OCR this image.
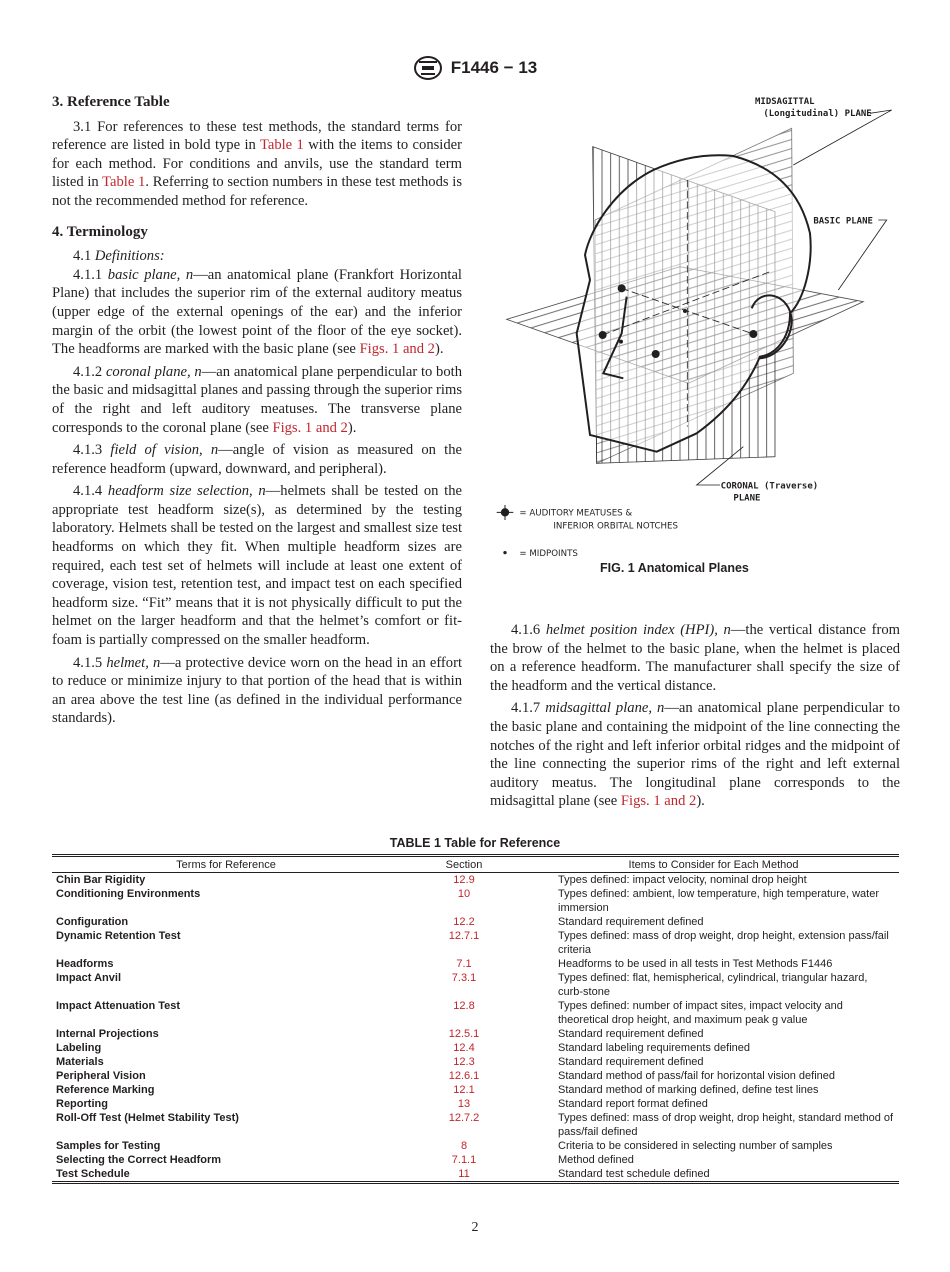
F1446 − 13
3. Reference Table

3.1 For references to these test methods, the standard terms for reference are listed in bold type in Table 1 with the items to consider for each method. For conditions and anvils, use the standard term listed in Table 1. Referring to section numbers in these test methods is not the recommended method for reference.

4. Terminology

4.1 Definitions:

4.1.1 basic plane, n—an anatomical plane (Frankfort Horizontal Plane) that includes the superior rim of the external auditory meatus (upper edge of the external openings of the ear) and the inferior margin of the orbit (the lowest point of the floor of the eye socket). The headforms are marked with the basic plane (see Figs. 1 and 2).

4.1.2 coronal plane, n—an anatomical plane perpendicular to both the basic and midsagittal planes and passing through the superior rims of the right and left auditory meatuses. The transverse plane corresponds to the coronal plane (see Figs. 1 and 2).

4.1.3 field of vision, n—angle of vision as measured on the reference headform (upward, downward, and peripheral).

4.1.4 headform size selection, n—helmets shall be tested on the appropriate test headform size(s), as determined by the testing laboratory. Helmets shall be tested on the largest and smallest size test headforms on which they fit. When multiple headform sizes are required, each test set of helmets will include at least one extent of coverage, vision test, retention test, and impact test on each specified headform size. “Fit” means that it is not physically difficult to put the helmet on the larger headform and that the helmet’s comfort or fit-foam is partially compressed on the smaller headform.

4.1.5 helmet, n—a protective device worn on the head in an effort to reduce or minimize injury to that portion of the head that is within an area above the test line (as defined in the individual performance standards).

MIDSAGITTAL
(Longitudinal) PLANE
BASIC PLANE
CORONAL (Traverse)
PLANE
= AUDITORY MEATUSES &
INFERIOR ORBITAL NOTCHES
= MIDPOINTS
FIG. 1 Anatomical Planes

4.1.6 helmet position index (HPI), n—the vertical distance from the brow of the helmet to the basic plane, when the helmet is placed on a reference headform. The manufacturer shall specify the size of the headform and the vertical distance.

4.1.7 midsagittal plane, n—an anatomical plane perpendicular to the basic plane and containing the midpoint of the line connecting the notches of the right and left inferior orbital ridges and the midpoint of the line connecting the superior rims of the right and left external auditory meatus. The longitudinal plane corresponds to the midsagittal plane (see Figs. 1 and 2).

TABLE 1 Table for Reference
Terms for Reference	Section	Items to Consider for Each Method
Chin Bar Rigidity	12.9	Types defined: impact velocity, nominal drop height
Conditioning Environments	10	Types defined: ambient, low temperature, high temperature, water immersion
Configuration	12.2	Standard requirement defined
Dynamic Retention Test	12.7.1	Types defined: mass of drop weight, drop height, extension pass/fail criteria
Headforms	7.1	Headforms to be used in all tests in Test Methods F1446
Impact Anvil	7.3.1	Types defined: flat, hemispherical, cylindrical, triangular hazard, curb-stone
Impact Attenuation Test	12.8	Types defined: number of impact sites, impact velocity and theoretical drop height, and maximum peak g value
Internal Projections	12.5.1	Standard requirement defined
Labeling	12.4	Standard labeling requirements defined
Materials	12.3	Standard requirement defined
Peripheral Vision	12.6.1	Standard method of pass/fail for horizontal vision defined
Reference Marking	12.1	Standard method of marking defined, define test lines
Reporting	13	Standard report format defined
Roll-Off Test (Helmet Stability Test)	12.7.2	Types defined: mass of drop weight, drop height, standard method of pass/fail defined
Samples for Testing	8	Criteria to be considered in selecting number of samples
Selecting the Correct Headform	7.1.1	Method defined
Test Schedule	11	Standard test schedule defined
2
